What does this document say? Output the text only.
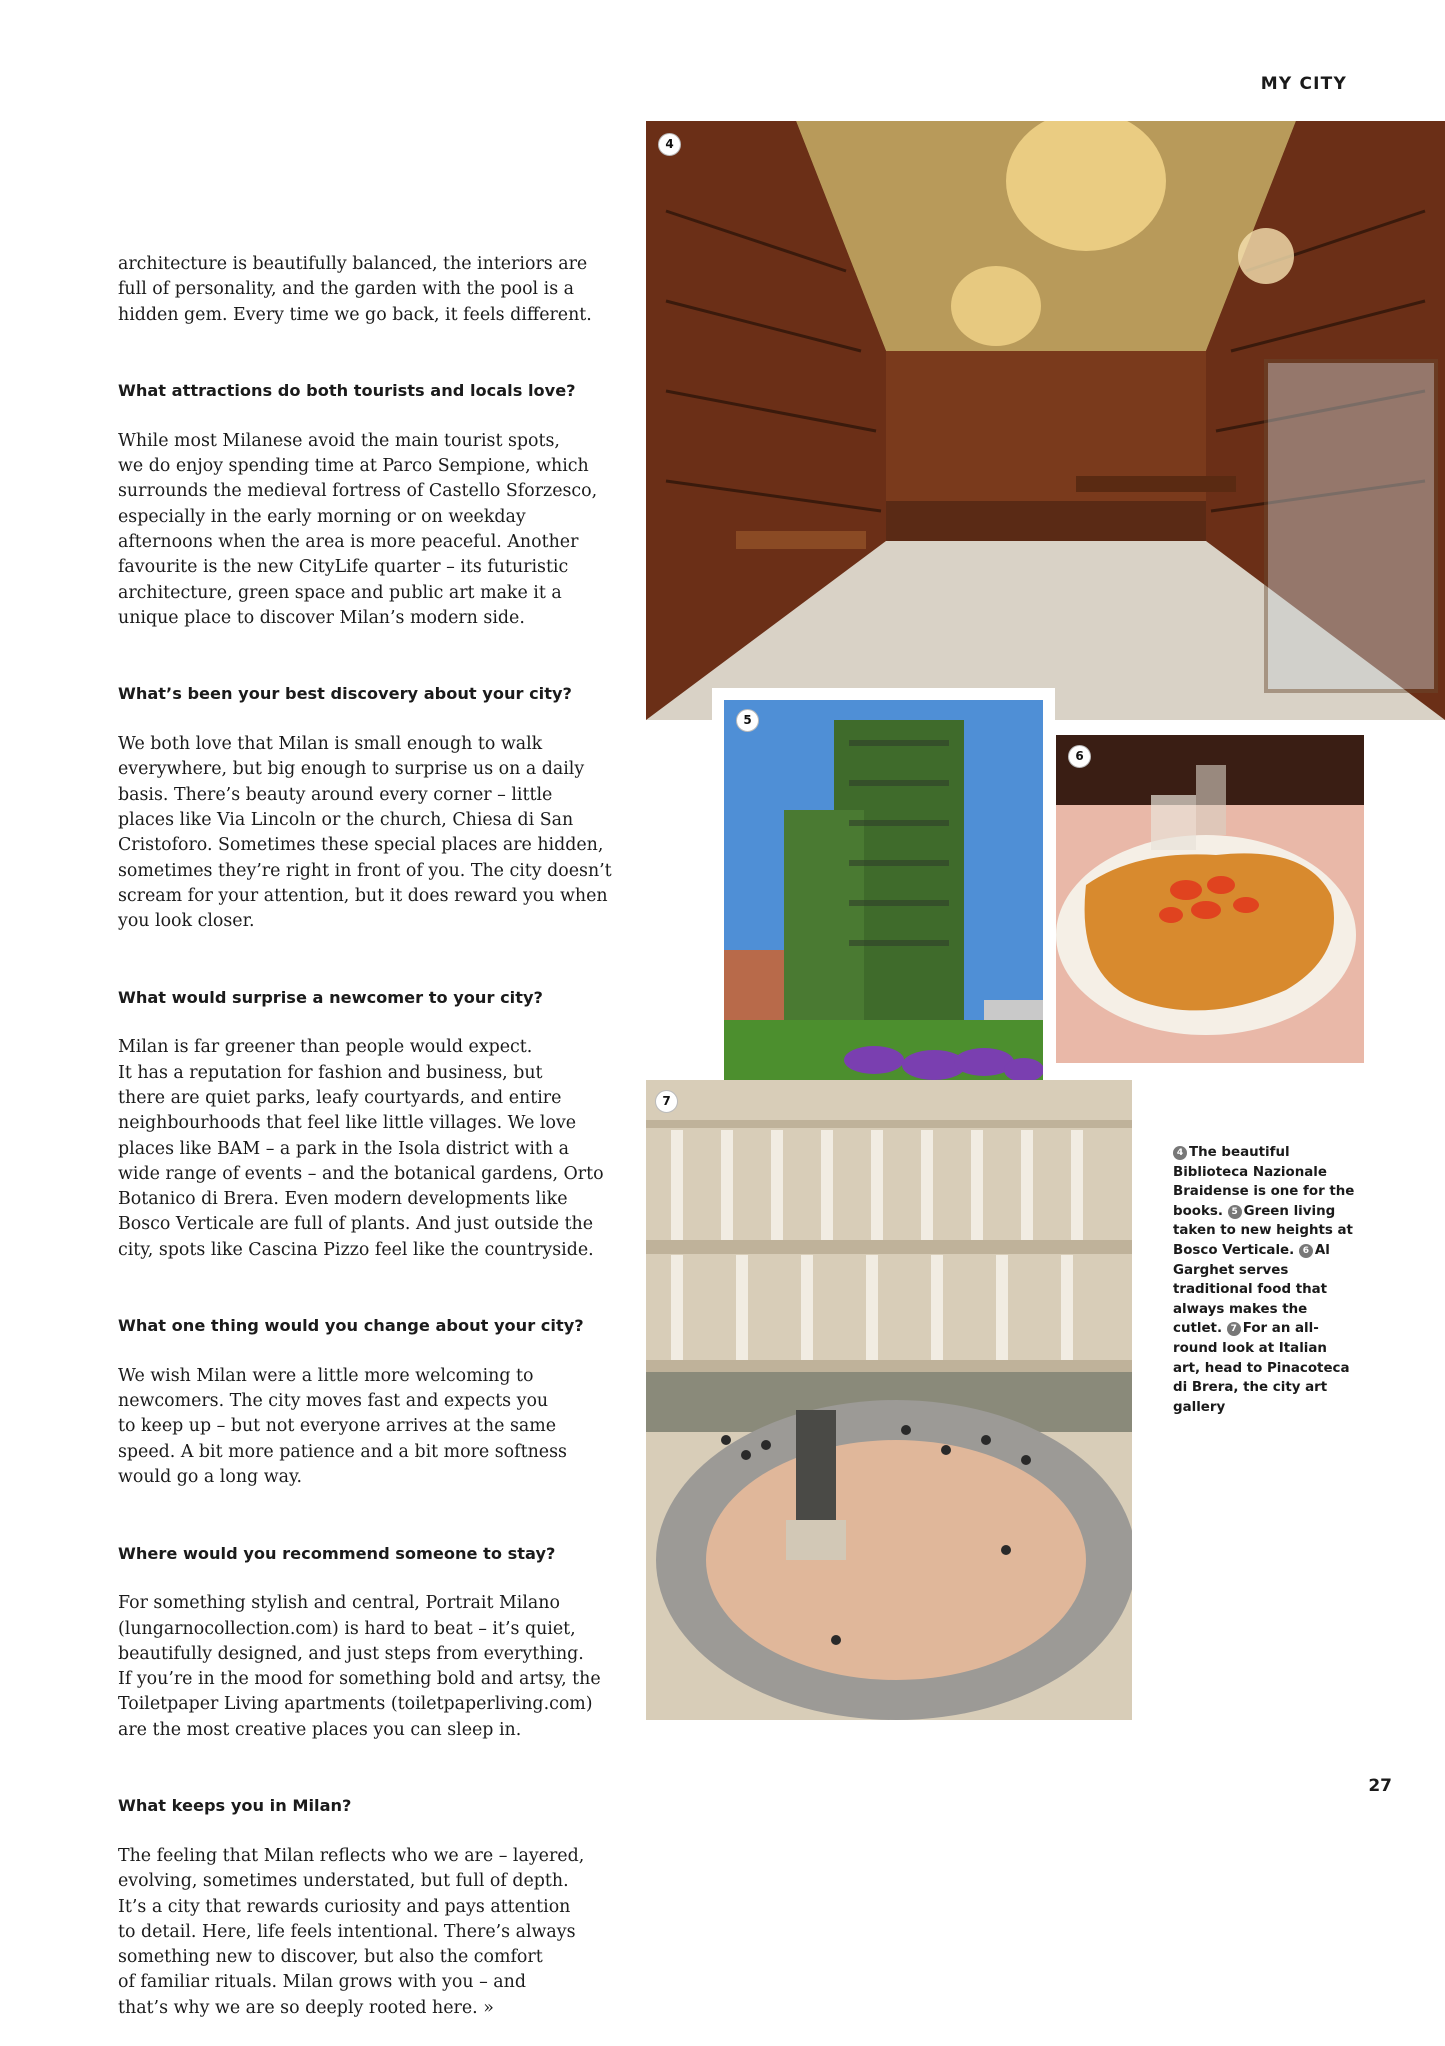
MY CITY

architecture is beautifully balanced, the interiors are
full of personality, and the garden with the pool is a
hidden gem. Every time we go back, it feels different.

What attractions do both tourists and locals love?

While most Milanese avoid the main tourist spots,
we do enjoy spending time at Parco Sempione, which
surrounds the medieval fortress of Castello Sforzesco,
especially in the early morning or on weekday
afternoons when the area is more peaceful. Another
favourite is the new CityLife quarter – its futuristic
architecture, green space and public art make it a
unique place to discover Milan’s modern side.

What’s been your best discovery about your city?

We both love that Milan is small enough to walk
everywhere, but big enough to surprise us on a daily
basis. There’s beauty around every corner – little
places like Via Lincoln or the church, Chiesa di San
Cristoforo. Sometimes these special places are hidden,
sometimes they’re right in front of you. The city doesn’t
scream for your attention, but it does reward you when
you look closer.

What would surprise a newcomer to your city?

Milan is far greener than people would expect.
It has a reputation for fashion and business, but
there are quiet parks, leafy courtyards, and entire
neighbourhoods that feel like little villages. We love
places like BAM – a park in the Isola district with a
wide range of events – and the botanical gardens, Orto
Botanico di Brera. Even modern developments like
Bosco Verticale are full of plants. And just outside the
city, spots like Cascina Pizzo feel like the countryside.

What one thing would you change about your city?

We wish Milan were a little more welcoming to
newcomers. The city moves fast and expects you
to keep up – but not everyone arrives at the same
speed. A bit more patience and a bit more softness
would go a long way.

Where would you recommend someone to stay?

For something stylish and central, Portrait Milano
(lungarnocollection.com) is hard to beat – it’s quiet,
beautifully designed, and just steps from everything.
If you’re in the mood for something bold and artsy, the
Toiletpaper Living apartments (toiletpaperliving.com)
are the most creative places you can sleep in.

What keeps you in Milan?

The feeling that Milan reflects who we are – layered,
evolving, sometimes understated, but full of depth.
It’s a city that rewards curiosity and pays attention
to detail. Here, life feels intentional. There’s always
something new to discover, but also the comfort
of familiar rituals. Milan grows with you – and
that’s why we are so deeply rooted here. »

4
5
6
7
4 The beautiful Biblioteca Nazionale Braidense is one for the books. 5 Green living taken to new heights at Bosco Verticale. 6 Al Garghet serves traditional food that always makes the cutlet. 7 For an all-round look at Italian art, head to Pinacoteca di Brera, the city art gallery
27
